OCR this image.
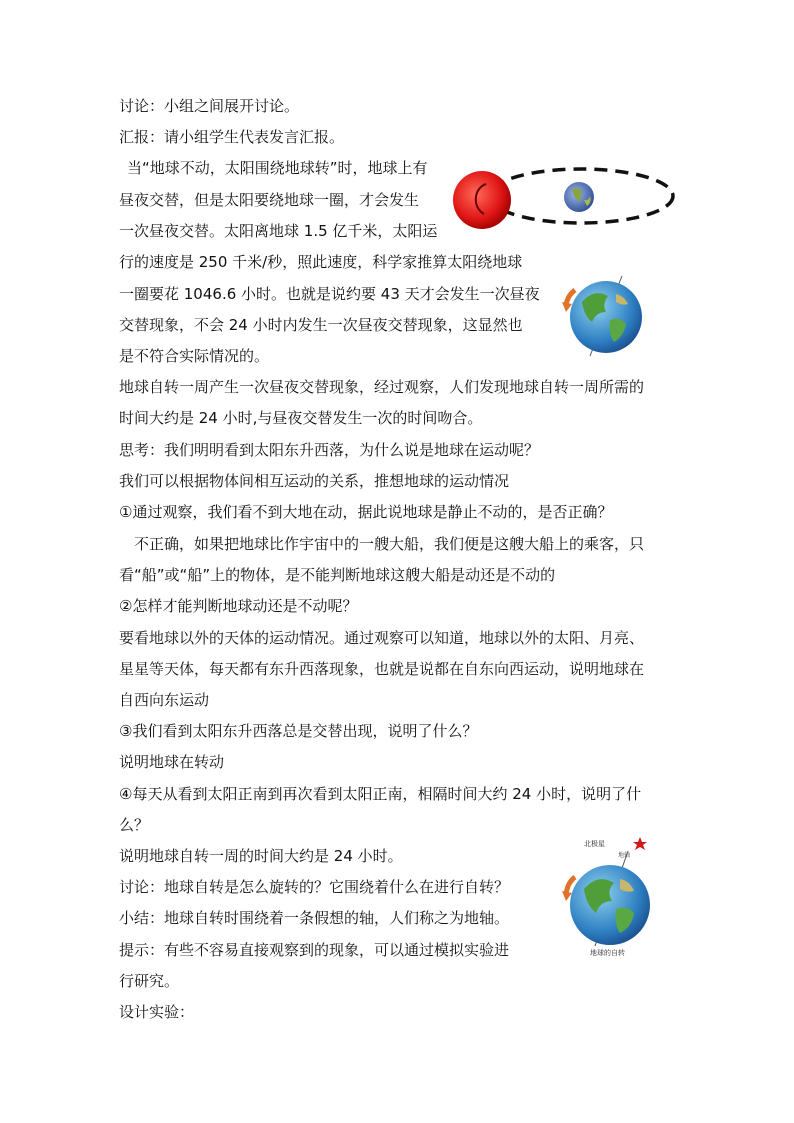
讨论：小组之间展开讨论。
汇报：请小组学生代表发言汇报。
当“地球不动，太阳围绕地球转”时，地球上有
昼夜交替，但是太阳要绕地球一圈，才会发生
一次昼夜交替。太阳离地球 1.5 亿千米，太阳运
行的速度是 250 千米/秒，照此速度，科学家推算太阳绕地球
一圈要花 1046.6 小时。也就是说约要 43 天才会发生一次昼夜
交替现象，不会 24 小时内发生一次昼夜交替现象，这显然也
是不符合实际情况的。
地球自转一周产生一次昼夜交替现象，经过观察，人们发现地球自转一周所需的
时间大约是 24 小时,与昼夜交替发生一次的时间吻合。
思考：我们明明看到太阳东升西落，为什么说是地球在运动呢？
我们可以根据物体间相互运动的关系，推想地球的运动情况
①通过观察，我们看不到大地在动，据此说地球是静止不动的，是否正确？
不正确，如果把地球比作宇宙中的一艘大船，我们便是这艘大船上的乘客，只
看“船”或“船”上的物体，是不能判断地球这艘大船是动还是不动的
②怎样才能判断地球动还是不动呢？
要看地球以外的天体的运动情况。通过观察可以知道，地球以外的太阳、月亮、
星星等天体，每天都有东升西落现象，也就是说都在自东向西运动，说明地球在
自西向东运动
③我们看到太阳东升西落总是交替出现，说明了什么？
说明地球在转动
④每天从看到太阳正南到再次看到太阳正南，相隔时间大约 24 小时，说明了什
么？
说明地球自转一周的时间大约是 24 小时。
讨论：地球自转是怎么旋转的？它围绕着什么在进行自转？
小结：地球自转时围绕着一条假想的轴，人们称之为地轴。
提示：有些不容易直接观察到的现象，可以通过模拟实验进
行研究。
设计实验：
北极星
地轴
地球的自转
